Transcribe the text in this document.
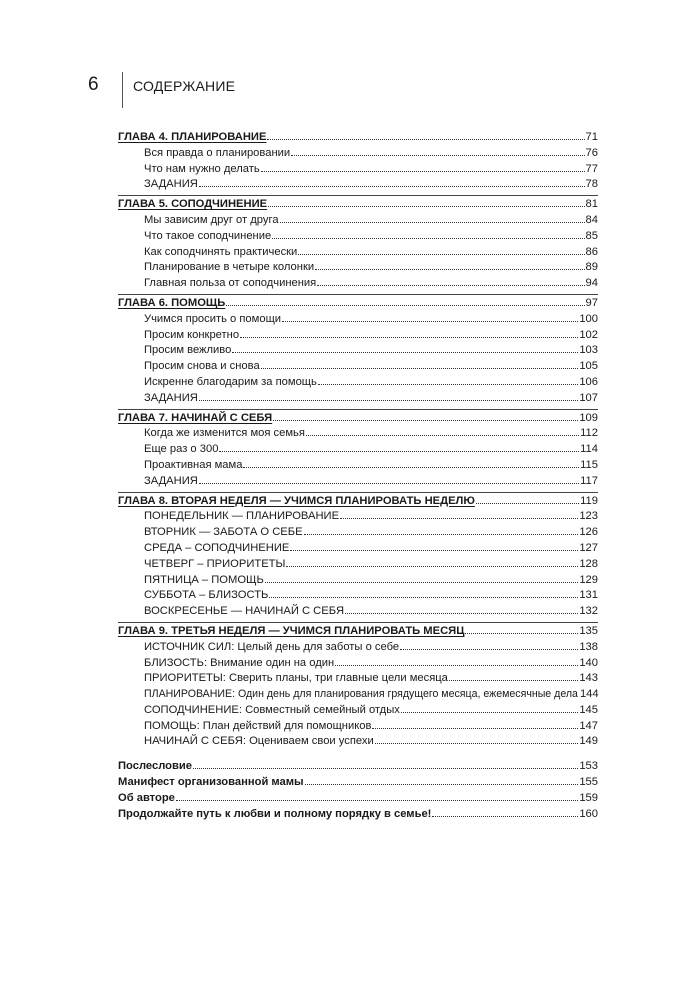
6	СОДЕРЖАНИЕ
ГЛАВА 4. ПЛАНИРОВАНИЕ	71
Вся правда о планировании	76
Что нам нужно делать	77
ЗАДАНИЯ	78
ГЛАВА 5. СОПОДЧИНЕНИЕ	81
Мы зависим друг от друга	84
Что такое соподчинение	85
Как соподчинять практически	86
Планирование в четыре колонки	89
Главная польза от соподчинения	94
ГЛАВА 6. ПОМОЩЬ	97
Учимся просить о помощи	100
Просим конкретно	102
Просим вежливо	103
Просим снова и снова	105
Искренне благодарим за помощь	106
ЗАДАНИЯ	107
ГЛАВА 7. НАЧИНАЙ С СЕБЯ	109
Когда же изменится моя семья	112
Еще раз о 300	114
Проактивная мама	115
ЗАДАНИЯ	117
ГЛАВА 8. ВТОРАЯ НЕДЕЛЯ — УЧИМСЯ ПЛАНИРОВАТЬ НЕДЕЛЮ	119
ПОНЕДЕЛЬНИК — ПЛАНИРОВАНИЕ	123
ВТОРНИК — ЗАБОТА О СЕБЕ	126
СРЕДА – СОПОДЧИНЕНИЕ	127
ЧЕТВЕРГ – ПРИОРИТЕТЫ	128
ПЯТНИЦА – ПОМОЩЬ	129
СУББОТА – БЛИЗОСТЬ	131
ВОСКРЕСЕНЬЕ — НАЧИНАЙ С СЕБЯ	132
ГЛАВА 9. ТРЕТЬЯ НЕДЕЛЯ — УЧИМСЯ ПЛАНИРОВАТЬ МЕСЯЦ	135
ИСТОЧНИК СИЛ: Целый день для заботы о себе	138
БЛИЗОСТЬ: Внимание один на один	140
ПРИОРИТЕТЫ: Сверить планы, три главные цели месяца	143
ПЛАНИРОВАНИЕ: Один день для планирования грядущего месяца, ежемесячные дела 144
СОПОДЧИНЕНИЕ: Совместный семейный отдых	145
ПОМОЩЬ: План действий для помощников	147
НАЧИНАЙ С СЕБЯ: Оцениваем свои успехи	149
Послесловие	153
Манифест организованной мамы	155
Об авторе	159
Продолжайте путь к любви и полному порядку в семье!	160
